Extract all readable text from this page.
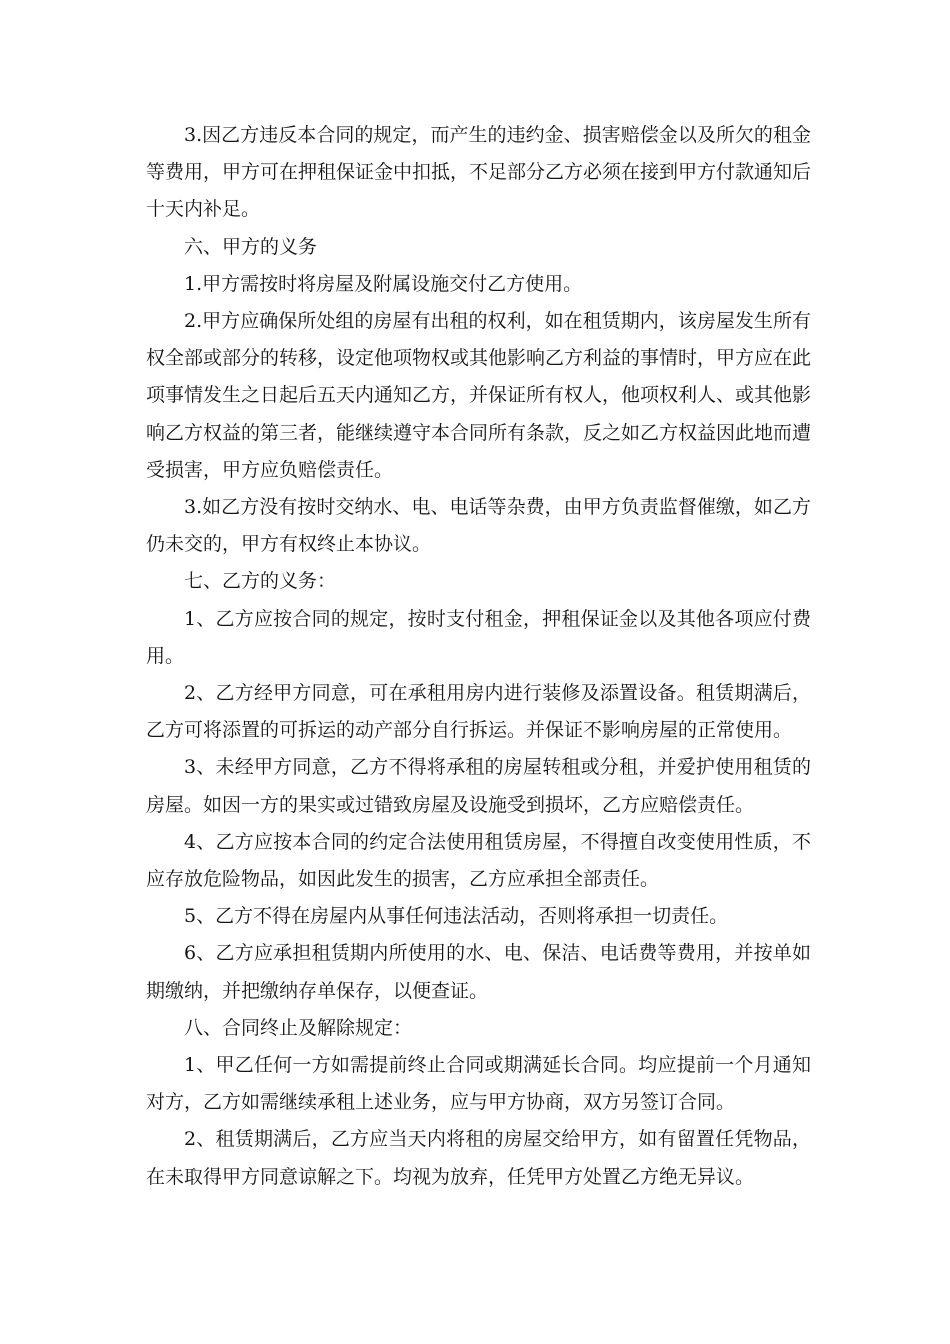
3.因乙方违反本合同的规定，而产生的违约金、损害赔偿金以及所欠的租金等费用，甲方可在押租保证金中扣抵，不足部分乙方必须在接到甲方付款通知后十天内补足。

六、甲方的义务

1.甲方需按时将房屋及附属设施交付乙方使用。

2.甲方应确保所处组的房屋有出租的权利，如在租赁期内，该房屋发生所有权全部或部分的转移，设定他项物权或其他影响乙方利益的事情时，甲方应在此项事情发生之日起后五天内通知乙方，并保证所有权人，他项权利人、或其他影响乙方权益的第三者，能继续遵守本合同所有条款，反之如乙方权益因此地而遭受损害，甲方应负赔偿责任。

3.如乙方没有按时交纳水、电、电话等杂费，由甲方负责监督催缴，如乙方仍未交的，甲方有权终止本协议。

七、乙方的义务：

1、乙方应按合同的规定，按时支付租金，押租保证金以及其他各项应付费用。

2、乙方经甲方同意，可在承租用房内进行装修及添置设备。租赁期满后，乙方可将添置的可拆运的动产部分自行拆运。并保证不影响房屋的正常使用。

3、未经甲方同意，乙方不得将承租的房屋转租或分租，并爱护使用租赁的房屋。如因一方的果实或过错致房屋及设施受到损坏，乙方应赔偿责任。

4、乙方应按本合同的约定合法使用租赁房屋，不得擅自改变使用性质，不应存放危险物品，如因此发生的损害，乙方应承担全部责任。

5、乙方不得在房屋内从事任何违法活动，否则将承担一切责任。

6、乙方应承担租赁期内所使用的水、电、保洁、电话费等费用，并按单如期缴纳，并把缴纳存单保存，以便查证。

八、合同终止及解除规定：

1、甲乙任何一方如需提前终止合同或期满延长合同。均应提前一个月通知对方，乙方如需继续承租上述业务，应与甲方协商，双方另签订合同。

2、租赁期满后，乙方应当天内将租的房屋交给甲方，如有留置任凭物品，在未取得甲方同意谅解之下。均视为放弃，任凭甲方处置乙方绝无异议。
